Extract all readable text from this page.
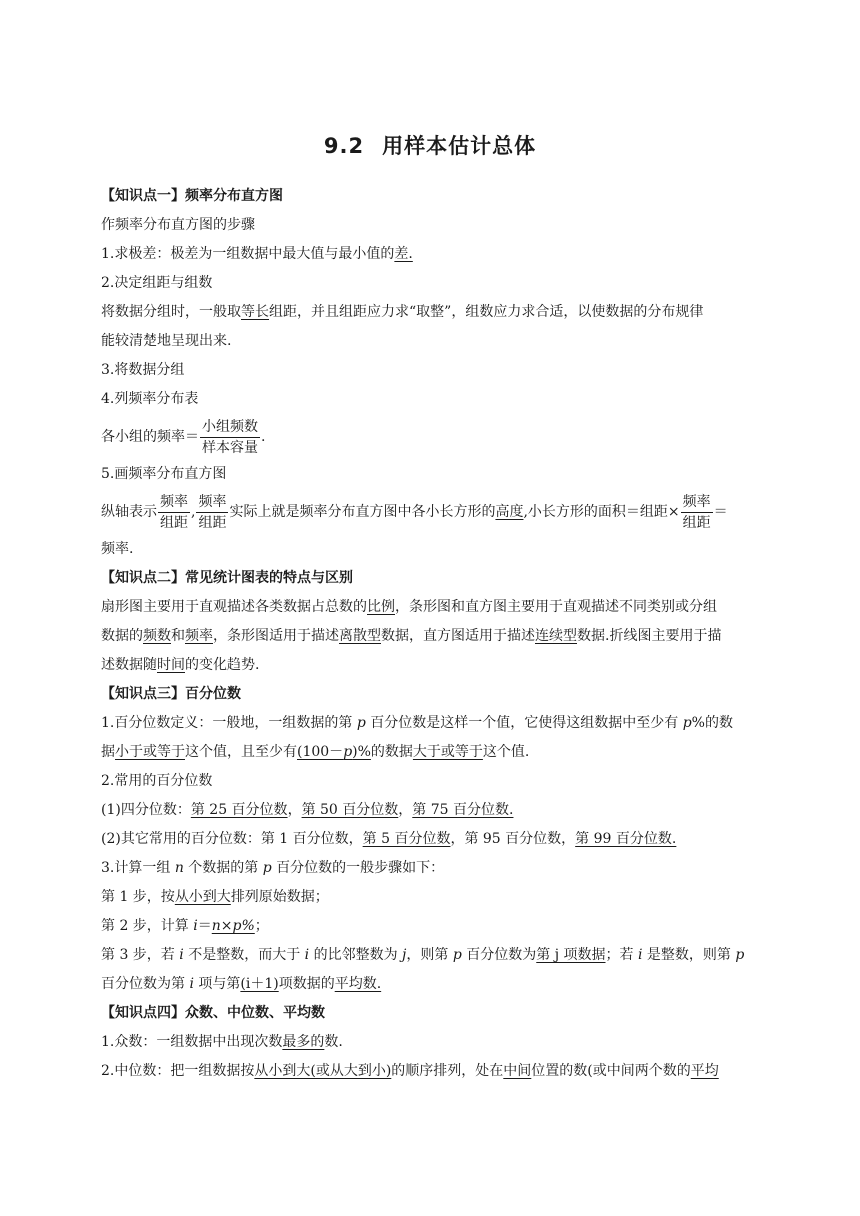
9.2 用样本估计总体
【知识点一】频率分布直方图
作频率分布直方图的步骤
1.求极差：极差为一组数据中最大值与最小值的差.
2.决定组距与组数
将数据分组时，一般取等长组距，并且组距应力求“取整”，组数应力求合适，以使数据的分布规律
能较清楚地呈现出来.
3.将数据分组
4.列频率分布表
各小组的频率＝ $\frac{\text{小组频数}}{\text{样本容量}}$ .
5.画频率分布直方图
纵轴表示 $\frac{\text{频率}}{\text{组距}}$ , $\frac{\text{频率}}{\text{组距}}$ 实际上就是频率分布直方图中各小长方形的高度,小长方形的面积＝组距× $\frac{\text{频率}}{\text{组距}}$ ＝
频率.
【知识点二】常见统计图表的特点与区别
扇形图主要用于直观描述各类数据占总数的比例，条形图和直方图主要用于直观描述不同类别或分组
数据的频数和频率，条形图适用于描述离散型数据，直方图适用于描述连续型数据.折线图主要用于描
述数据随时间的变化趋势.
【知识点三】百分位数
1.百分位数定义：一般地，一组数据的第 p 百分位数是这样一个值，它使得这组数据中至少有 p%的数
据小于或等于这个值，且至少有(100－p)%的数据大于或等于这个值.
2.常用的百分位数
(1)四分位数：第 25 百分位数，第 50 百分位数，第 75 百分位数.
(2)其它常用的百分位数：第 1 百分位数，第 5 百分位数，第 95 百分位数，第 99 百分位数.
3.计算一组 n 个数据的第 p 百分位数的一般步骤如下：
第 1 步，按从小到大排列原始数据；
第 2 步，计算 i＝n×p%；
第 3 步，若 i 不是整数，而大于 i 的比邻整数为 j，则第 p 百分位数为第 j 项数据；若 i 是整数，则第 p
百分位数为第 i 项与第(i＋1)项数据的平均数.
【知识点四】众数、中位数、平均数
1.众数：一组数据中出现次数最多的数.
2.中位数：把一组数据按从小到大(或从大到小)的顺序排列，处在中间位置的数(或中间两个数的平均
